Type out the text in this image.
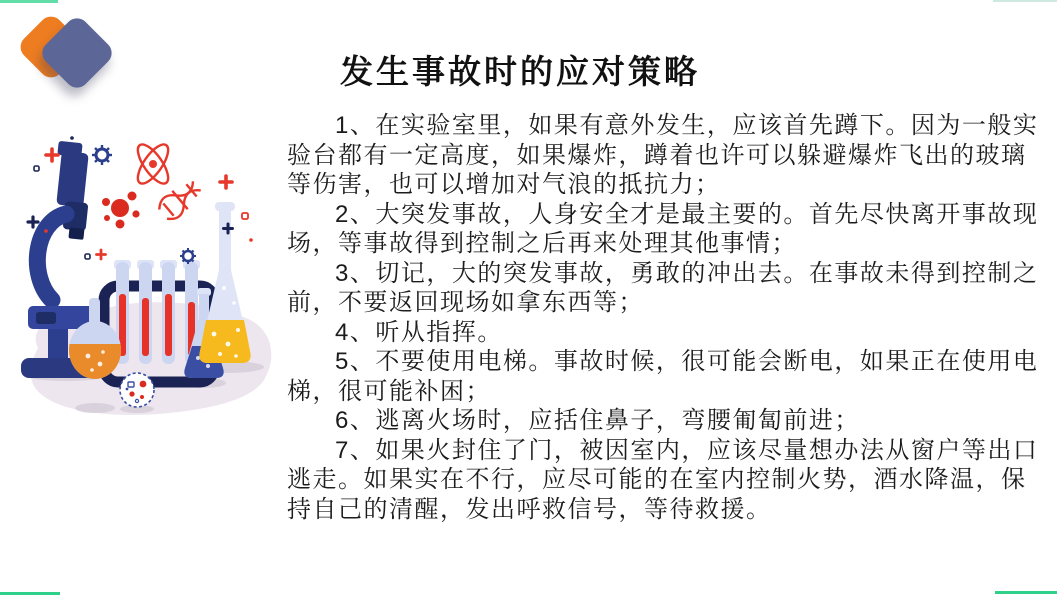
发生事故时的应对策略

1、在实验室里，如果有意外发生，应该首先蹲下。因为一般实验台都有一定高度，如果爆炸，蹲着也许可以躲避爆炸飞出的玻璃等伤害，也可以增加对气浪的抵抗力；

2、大突发事故，人身安全才是最主要的。首先尽快离开事故现场，等事故得到控制之后再来处理其他事情；

3、切记，大的突发事故，勇敢的冲出去。在事故未得到控制之前，不要返回现场如拿东西等；

4、听从指挥。

5、不要使用电梯。事故时候，很可能会断电，如果正在使用电梯，很可能补困；

6、逃离火场时，应括住鼻子，弯腰匍匐前进；

7、如果火封住了门，被因室内，应该尽量想办法从窗户等出口逃走。如果实在不行，应尽可能的在室内控制火势，酒水降温，保持自己的清醒，发出呼救信号，等待救援。
